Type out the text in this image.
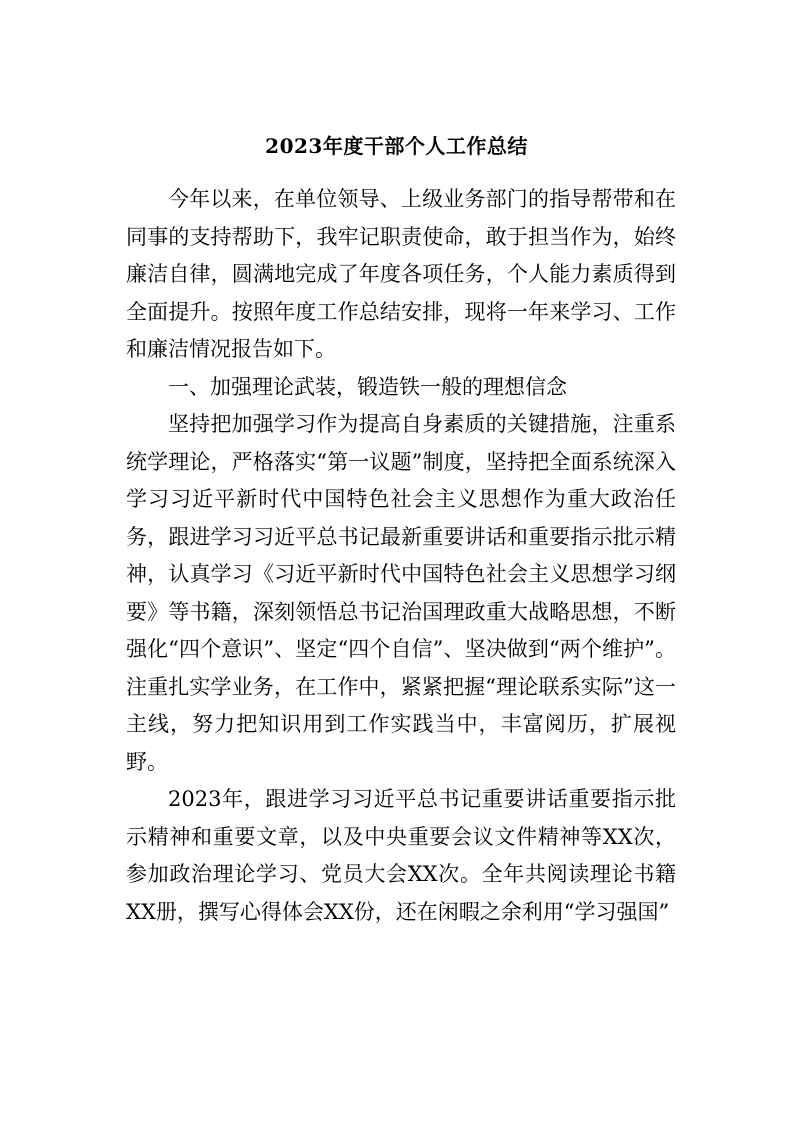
2023年度干部个人工作总结

今年以来，在单位领导、上级业务部门的指导帮带和在同事的支持帮助下，我牢记职责使命，敢于担当作为，始终廉洁自律，圆满地完成了年度各项任务，个人能力素质得到全面提升。按照年度工作总结安排，现将一年来学习、工作和廉洁情况报告如下。

一、加强理论武装，锻造铁一般的理想信念

坚持把加强学习作为提高自身素质的关键措施，注重系统学理论，严格落实“第一议题”制度，坚持把全面系统深入学习习近平新时代中国特色社会主义思想作为重大政治任务，跟进学习习近平总书记最新重要讲话和重要指示批示精神，认真学习《习近平新时代中国特色社会主义思想学习纲要》等书籍，深刻领悟总书记治国理政重大战略思想，不断强化“四个意识”、坚定“四个自信”、坚决做到“两个维护”。注重扎实学业务，在工作中，紧紧把握“理论联系实际”这一主线，努力把知识用到工作实践当中，丰富阅历，扩展视野。

2023年，跟进学习习近平总书记重要讲话重要指示批示精神和重要文章，以及中央重要会议文件精神等XX次，参加政治理论学习、党员大会XX次。全年共阅读理论书籍XX册，撰写心得体会XX份，还在闲暇之余利用“学习强国”
